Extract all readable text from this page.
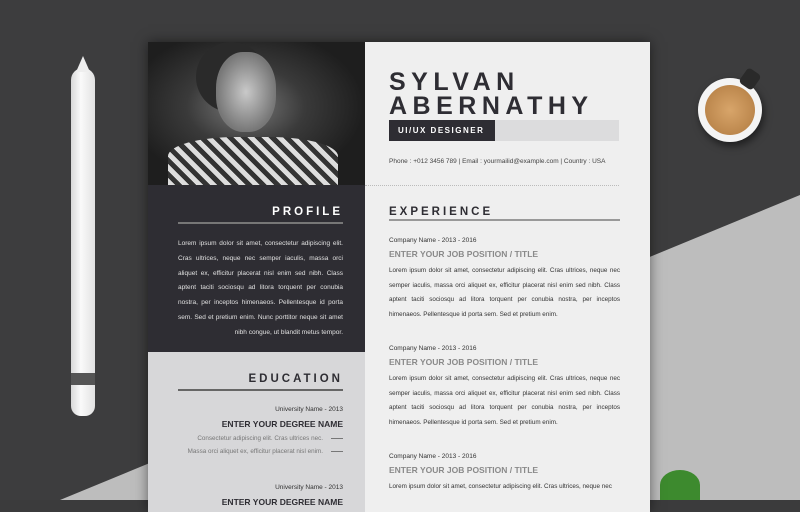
PROFILE

Lorem ipsum dolor sit amet, consectetur adipiscing elit. Cras ultrices, neque nec semper iaculis, massa orci aliquet ex, efficitur placerat nisl enim sed nibh. Class aptent taciti sociosqu ad litora torquent per conubia nostra, per inceptos himenaeos. Pellentesque id porta sem. Sed et pretium enim. Nunc porttitor neque sit amet nibh congue, ut blandit metus tempor.

EDUCATION
University Name - 2013
ENTER YOUR DEGREE NAME
Consectetur adipiscing elit. Cras ultrices nec.
Massa orci aliquet ex, efficitur placerat nisl enim.
University Name - 2013
ENTER YOUR DEGREE NAME
SYLVAN
ABERNATHY
UI/UX DESIGNER
Phone : +012 3456 789 | Email : yourmailid@example.com | Country : USA
EXPERIENCE
Company Name - 2013 - 2016
ENTER YOUR JOB POSITION / TITLE
Lorem ipsum dolor sit amet, consectetur adipiscing elit. Cras ultrices, neque nec semper iaculis, massa orci aliquet ex, efficitur placerat nisl enim sed nibh. Class aptent taciti sociosqu ad litora torquent per conubia nostra, per inceptos himenaeos. Pellentesque id porta sem. Sed et pretium enim.
Company Name - 2013 - 2016
ENTER YOUR JOB POSITION / TITLE
Lorem ipsum dolor sit amet, consectetur adipiscing elit. Cras ultrices, neque nec semper iaculis, massa orci aliquet ex, efficitur placerat nisl enim sed nibh. Class aptent taciti sociosqu ad litora torquent per conubia nostra, per inceptos himenaeos. Pellentesque id porta sem. Sed et pretium enim.
Company Name - 2013 - 2016
ENTER YOUR JOB POSITION / TITLE
Lorem ipsum dolor sit amet, consectetur adipiscing elit. Cras ultrices, neque nec
